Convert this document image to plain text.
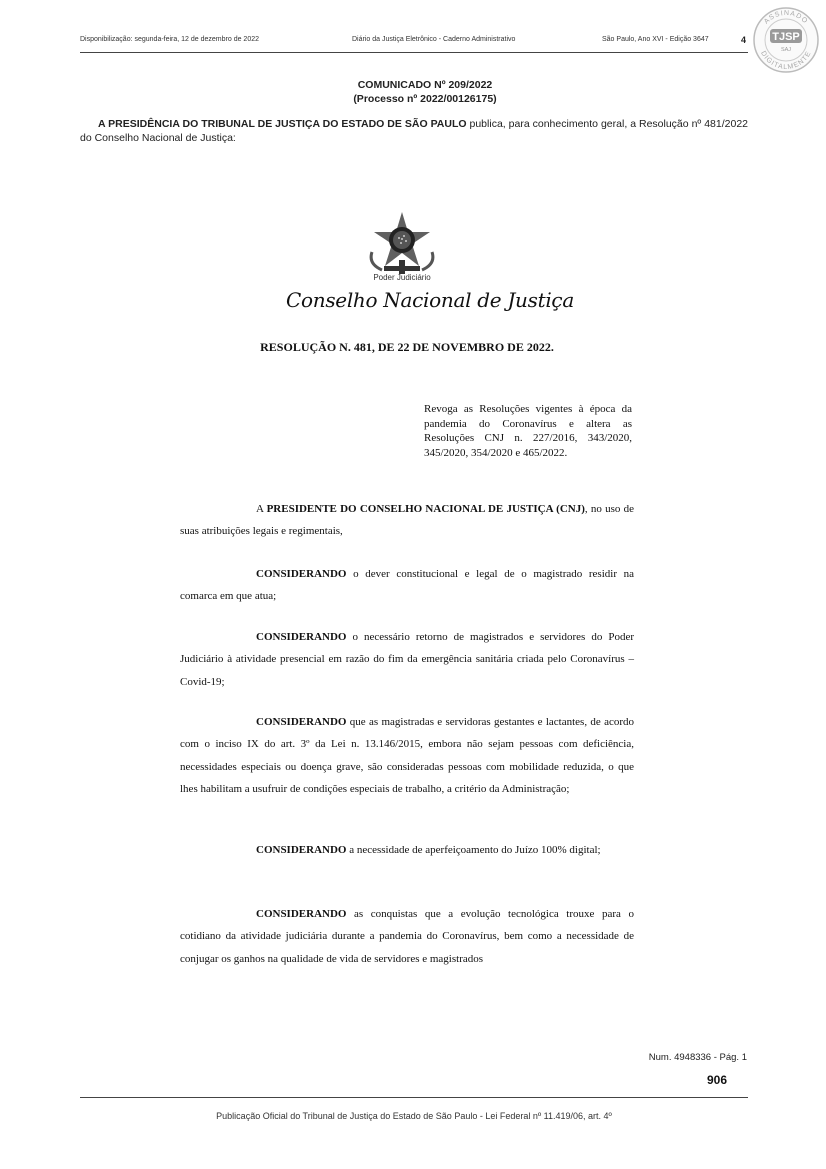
Disponibilização: segunda-feira, 12 de dezembro de 2022	Diário da Justiça Eletrônico - Caderno Administrativo	São Paulo, Ano XVI - Edição 3647	4
ASSINADO
DIGITALMENTE
TJSP
SAJ
COMUNICADO Nº 209/2022
(Processo nº 2022/00126175)
A PRESIDÊNCIA DO TRIBUNAL DE JUSTIÇA DO ESTADO DE SÃO PAULO publica, para conhecimento geral, a Resolução nº 481/2022 do Conselho Nacional de Justiça:
Poder Judiciário
Conselho Nacional de Justiça
RESOLUÇÃO N. 481, DE 22 DE NOVEMBRO DE 2022.
Revoga as Resoluções vigentes à época da pandemia do Coronavírus e altera as Resoluções CNJ n. 227/2016, 343/2020, 345/2020, 354/2020 e 465/2022.
A PRESIDENTE DO CONSELHO NACIONAL DE JUSTIÇA (CNJ), no uso de suas atribuições legais e regimentais,
CONSIDERANDO o dever constitucional e legal de o magistrado residir na comarca em que atua;
CONSIDERANDO o necessário retorno de magistrados e servidores do Poder Judiciário à atividade presencial em razão do fim da emergência sanitária criada pelo Coronavírus – Covid-19;
CONSIDERANDO que as magistradas e servidoras gestantes e lactantes, de acordo com o inciso IX do art. 3º da Lei n. 13.146/2015, embora não sejam pessoas com deficiência, necessidades especiais ou doença grave, são consideradas pessoas com mobilidade reduzida, o que lhes habilitam a usufruir de condições especiais de trabalho, a critério da Administração;
CONSIDERANDO a necessidade de aperfeiçoamento do Juízo 100% digital;
CONSIDERANDO as conquistas que a evolução tecnológica trouxe para o cotidiano da atividade judiciária durante a pandemia do Coronavírus, bem como a necessidade de conjugar os ganhos na qualidade de vida de servidores e magistrados
Num. 4948336 - Pág. 1
906
Publicação Oficial do Tribunal de Justiça do Estado de São Paulo - Lei Federal nº 11.419/06, art. 4º
